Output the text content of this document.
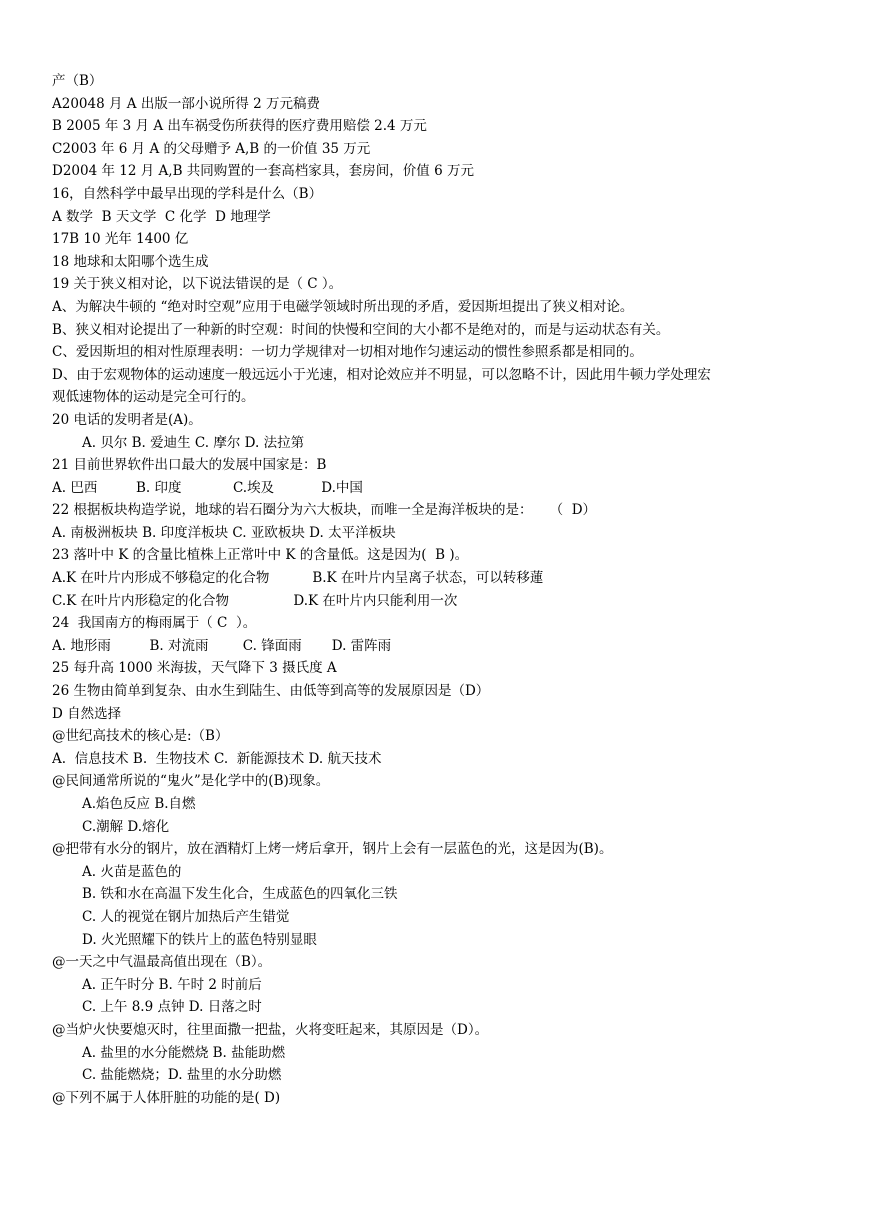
产（B）
A20048 月 A 出版一部小说所得 2 万元稿费
B 2005 年 3 月 A 出车祸受伤所获得的医疗费用赔偿 2.4 万元
C2003 年 6 月 A 的父母赠予 A,B 的一价值 35 万元
D2004 年 12 月 A,B 共同购置的一套高档家具，套房间，价值 6 万元
16，自然科学中最早出现的学科是什么（B）
A 数学  B 天文学  C 化学  D 地理学
17B 10 光年 1400 亿
18 地球和太阳哪个选生成
19 关于狭义相对论，以下说法错误的是（ C ）。
A、为解决牛顿的 “绝对时空观”应用于电磁学领域时所出现的矛盾，爱因斯坦提出了狭义相对论。
B、狭义相对论提出了一种新的时空观：时间的快慢和空间的大小都不是绝对的，而是与运动状态有关。
C、爱因斯坦的相对性原理表明：一切力学规律对一切相对地作匀速运动的惯性参照系都是相同的。
D、由于宏观物体的运动速度一般远远小于光速，相对论效应并不明显，可以忽略不计，因此用牛顿力学处理宏
观低速物体的运动是完全可行的。
20 电话的发明者是(A)。
A. 贝尔 B. 爱迪生 C. 摩尔 D. 法拉第
21 目前世界软件出口最大的发展中国家是：B
A. 巴西         B. 印度            C.埃及           D.中国
22 根据板块构造学说，地球的岩石圈分为六大板块，而唯一全是海洋板块的是：    （  D）
A. 南极洲板块 B. 印度洋板块 C. 亚欧板块 D. 太平洋板块
23 落叶中 K 的含量比植株上正常叶中 K 的含量低。这是因为(  B )。
A.K 在叶片内形成不够稳定的化合物          B.K 在叶片内呈离子状态，可以转移蓮
C.K 在叶片内形稳定的化合物               D.K 在叶片内只能利用一次
24  我国南方的梅雨属于（ C  ）。
A. 地形雨         B. 对流雨        C. 锋面雨       D. 雷阵雨
25 每升高 1000 米海拔，天气降下 3 摄氏度 A
26 生物由简单到复杂、由水生到陆生、由低等到高等的发展原因是（D）
D 自然选择
@世纪高技术的核心是:（B）
A.  信息技术 B.  生物技术 C.  新能源技术 D. 航天技术
@民间通常所说的“鬼火”是化学中的(B)现象。
A.焰色反应 B.自燃
C.潮解 D.熔化
@把带有水分的钢片，放在酒精灯上烤一烤后拿开，钢片上会有一层蓝色的光，这是因为(B)。
A. 火苗是蓝色的
B. 铁和水在高温下发生化合，生成蓝色的四氧化三铁
C. 人的视觉在钢片加热后产生错觉
D. 火光照耀下的铁片上的蓝色特别显眼
@一天之中气温最高值出现在（B）。
A. 正午时分 B. 午时 2 时前后
C. 上午 8.9 点钟 D. 日落之时
@当炉火快要熄灭时，往里面撒一把盐，火将变旺起来，其原因是（D）。
A. 盐里的水分能燃烧 B. 盐能助燃
C. 盐能燃烧；D. 盐里的水分助燃
@下列不属于人体肝脏的功能的是( D)
